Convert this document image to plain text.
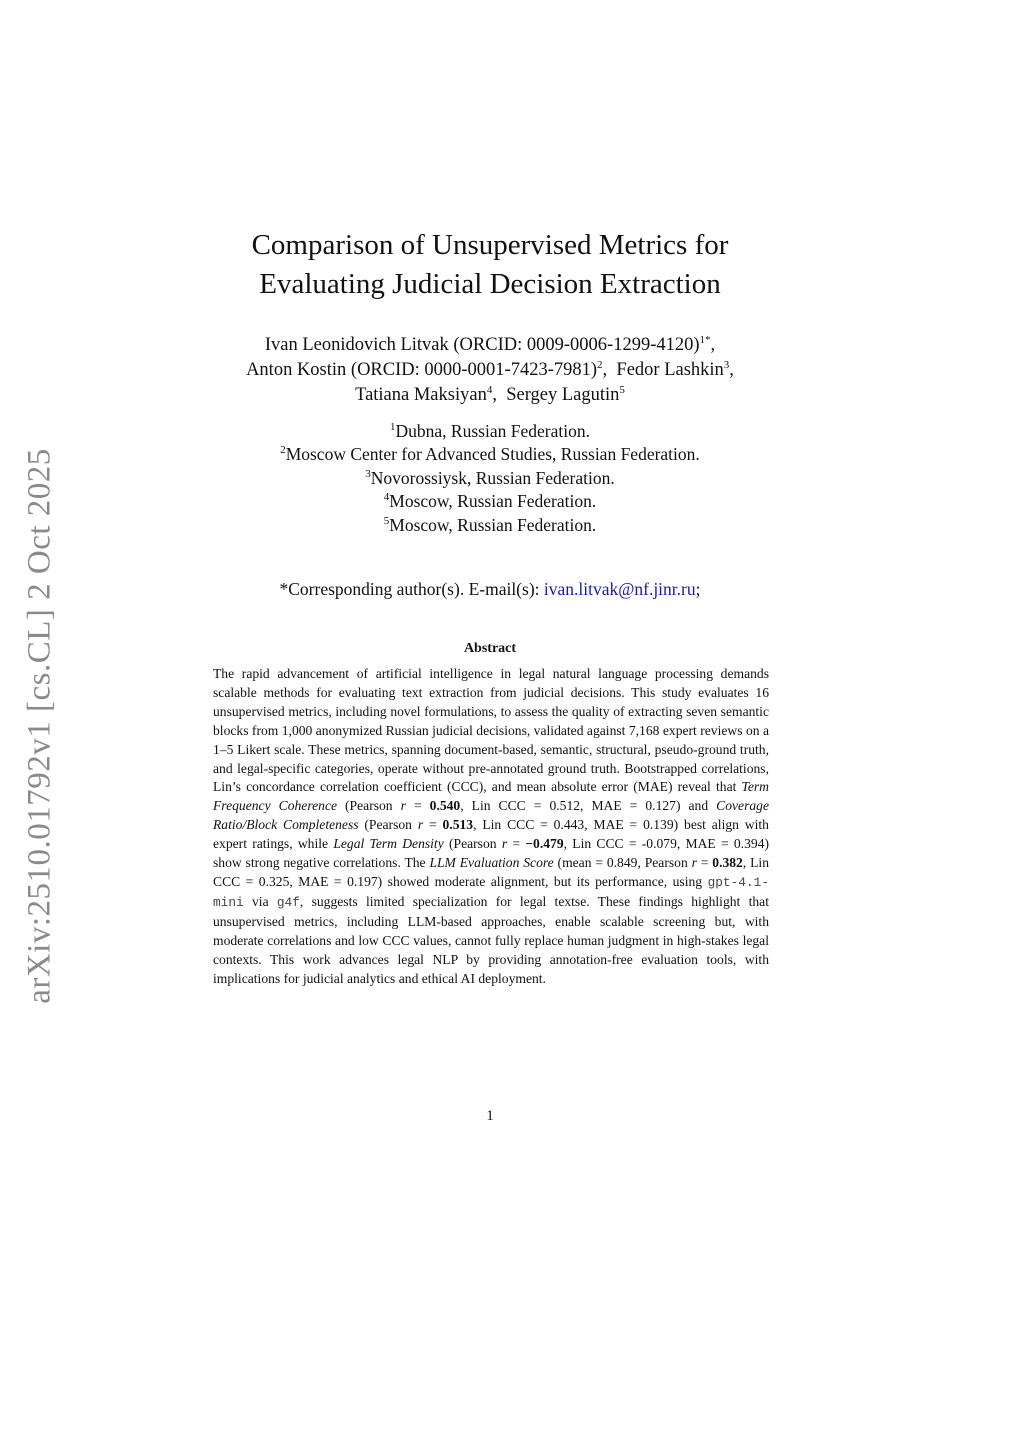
arXiv:2510.01792v1 [cs.CL] 2 Oct 2025
Comparison of Unsupervised Metrics for
Evaluating Judicial Decision Extraction
Ivan Leonidovich Litvak (ORCID: 0009-0006-1299-4120)$^{1*}$,
Anton Kostin (ORCID: 0000-0001-7423-7981)$^2$,  Fedor Lashkin$^3$,
Tatiana Maksiyan$^4$,  Sergey Lagutin$^5$
$^1$Dubna, Russian Federation.
$^2$Moscow Center for Advanced Studies, Russian Federation.
$^3$Novorossiysk, Russian Federation.
$^4$Moscow, Russian Federation.
$^5$Moscow, Russian Federation.
*Corresponding author(s). E-mail(s): ivan.litvak@nf.jinr.ru;
Abstract
The rapid advancement of artificial intelligence in legal natural language processing demands scalable methods for evaluating text extraction from judicial decisions. This study evaluates 16 unsupervised metrics, including novel formulations, to assess the quality of extracting seven semantic blocks from 1,000 anonymized Russian judicial decisions, validated against 7,168 expert reviews on a 1–5 Likert scale. These metrics, spanning document-based, semantic, structural, pseudo-ground truth, and legal-specific categories, operate without pre-annotated ground truth. Bootstrapped correlations, Lin’s concordance correlation coefficient (CCC), and mean absolute error (MAE) reveal that Term Frequency Coherence (Pearson r = 0.540, Lin CCC = 0.512, MAE = 0.127) and Coverage Ratio/Block Completeness (Pearson r = 0.513, Lin CCC = 0.443, MAE = 0.139) best align with expert ratings, while Legal Term Density (Pearson r = −0.479, Lin CCC = -0.079, MAE = 0.394) show strong negative correlations. The LLM Evaluation Score (mean = 0.849, Pearson r = 0.382, Lin CCC = 0.325, MAE = 0.197) showed moderate alignment, but its performance, using gpt-4.1-mini via g4f, suggests limited specialization for legal textse. These findings highlight that unsupervised metrics, including LLM-based approaches, enable scalable screening but, with moderate correlations and low CCC values, cannot fully replace human judgment in high-stakes legal contexts. This work advances legal NLP by providing annotation-free evaluation tools, with implications for judicial analytics and ethical AI deployment.
1
